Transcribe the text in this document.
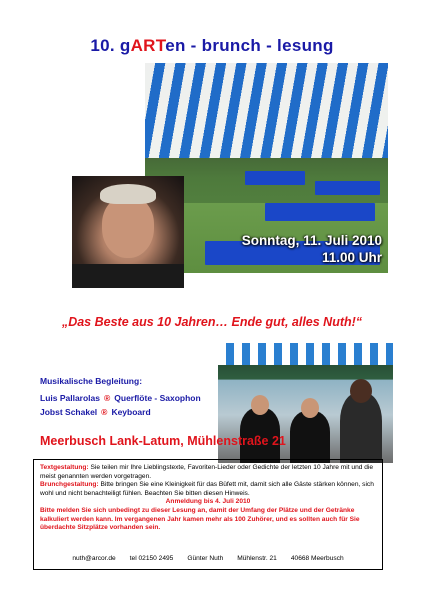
10. gARTen - brunch - lesung
Sonntag, 11. Juli 2010
11.00 Uhr
„Das Beste aus 10 Jahren… Ende gut, alles Nuth!“
Musikalische Begleitung:
Luis Pallarolas ® Querflöte - Saxophon
Jobst Schakel ® Keyboard
Meerbusch Lank-Latum, Mühlenstraße 21

Textgestaltung: Sie teilen mir Ihre Lieblingstexte, Favoriten-Lieder oder Gedichte der letzten 10 Jahre mit und die meist genannten werden vorgetragen.

Brunchgestaltung: Bitte bringen Sie eine Kleinigkeit für das Büfett mit, damit sich alle Gäste stärken können, sich wohl und nicht benachteiligt fühlen. Beachten Sie bitten diesen Hinweis.

Anmeldung bis 4. Juli 2010

Bitte melden Sie sich unbedingt zu dieser Lesung an, damit der Umfang der Plätze und der Getränke kalkuliert werden kann. Im vergangenen Jahr kamen mehr als 100 Zuhörer, und es sollten auch für Sie überdachte Sitzplätze vorhanden sein.

nuth@arcor.de tel 02150 2495 Günter Nuth Mühlenstr. 21 40668 Meerbusch
